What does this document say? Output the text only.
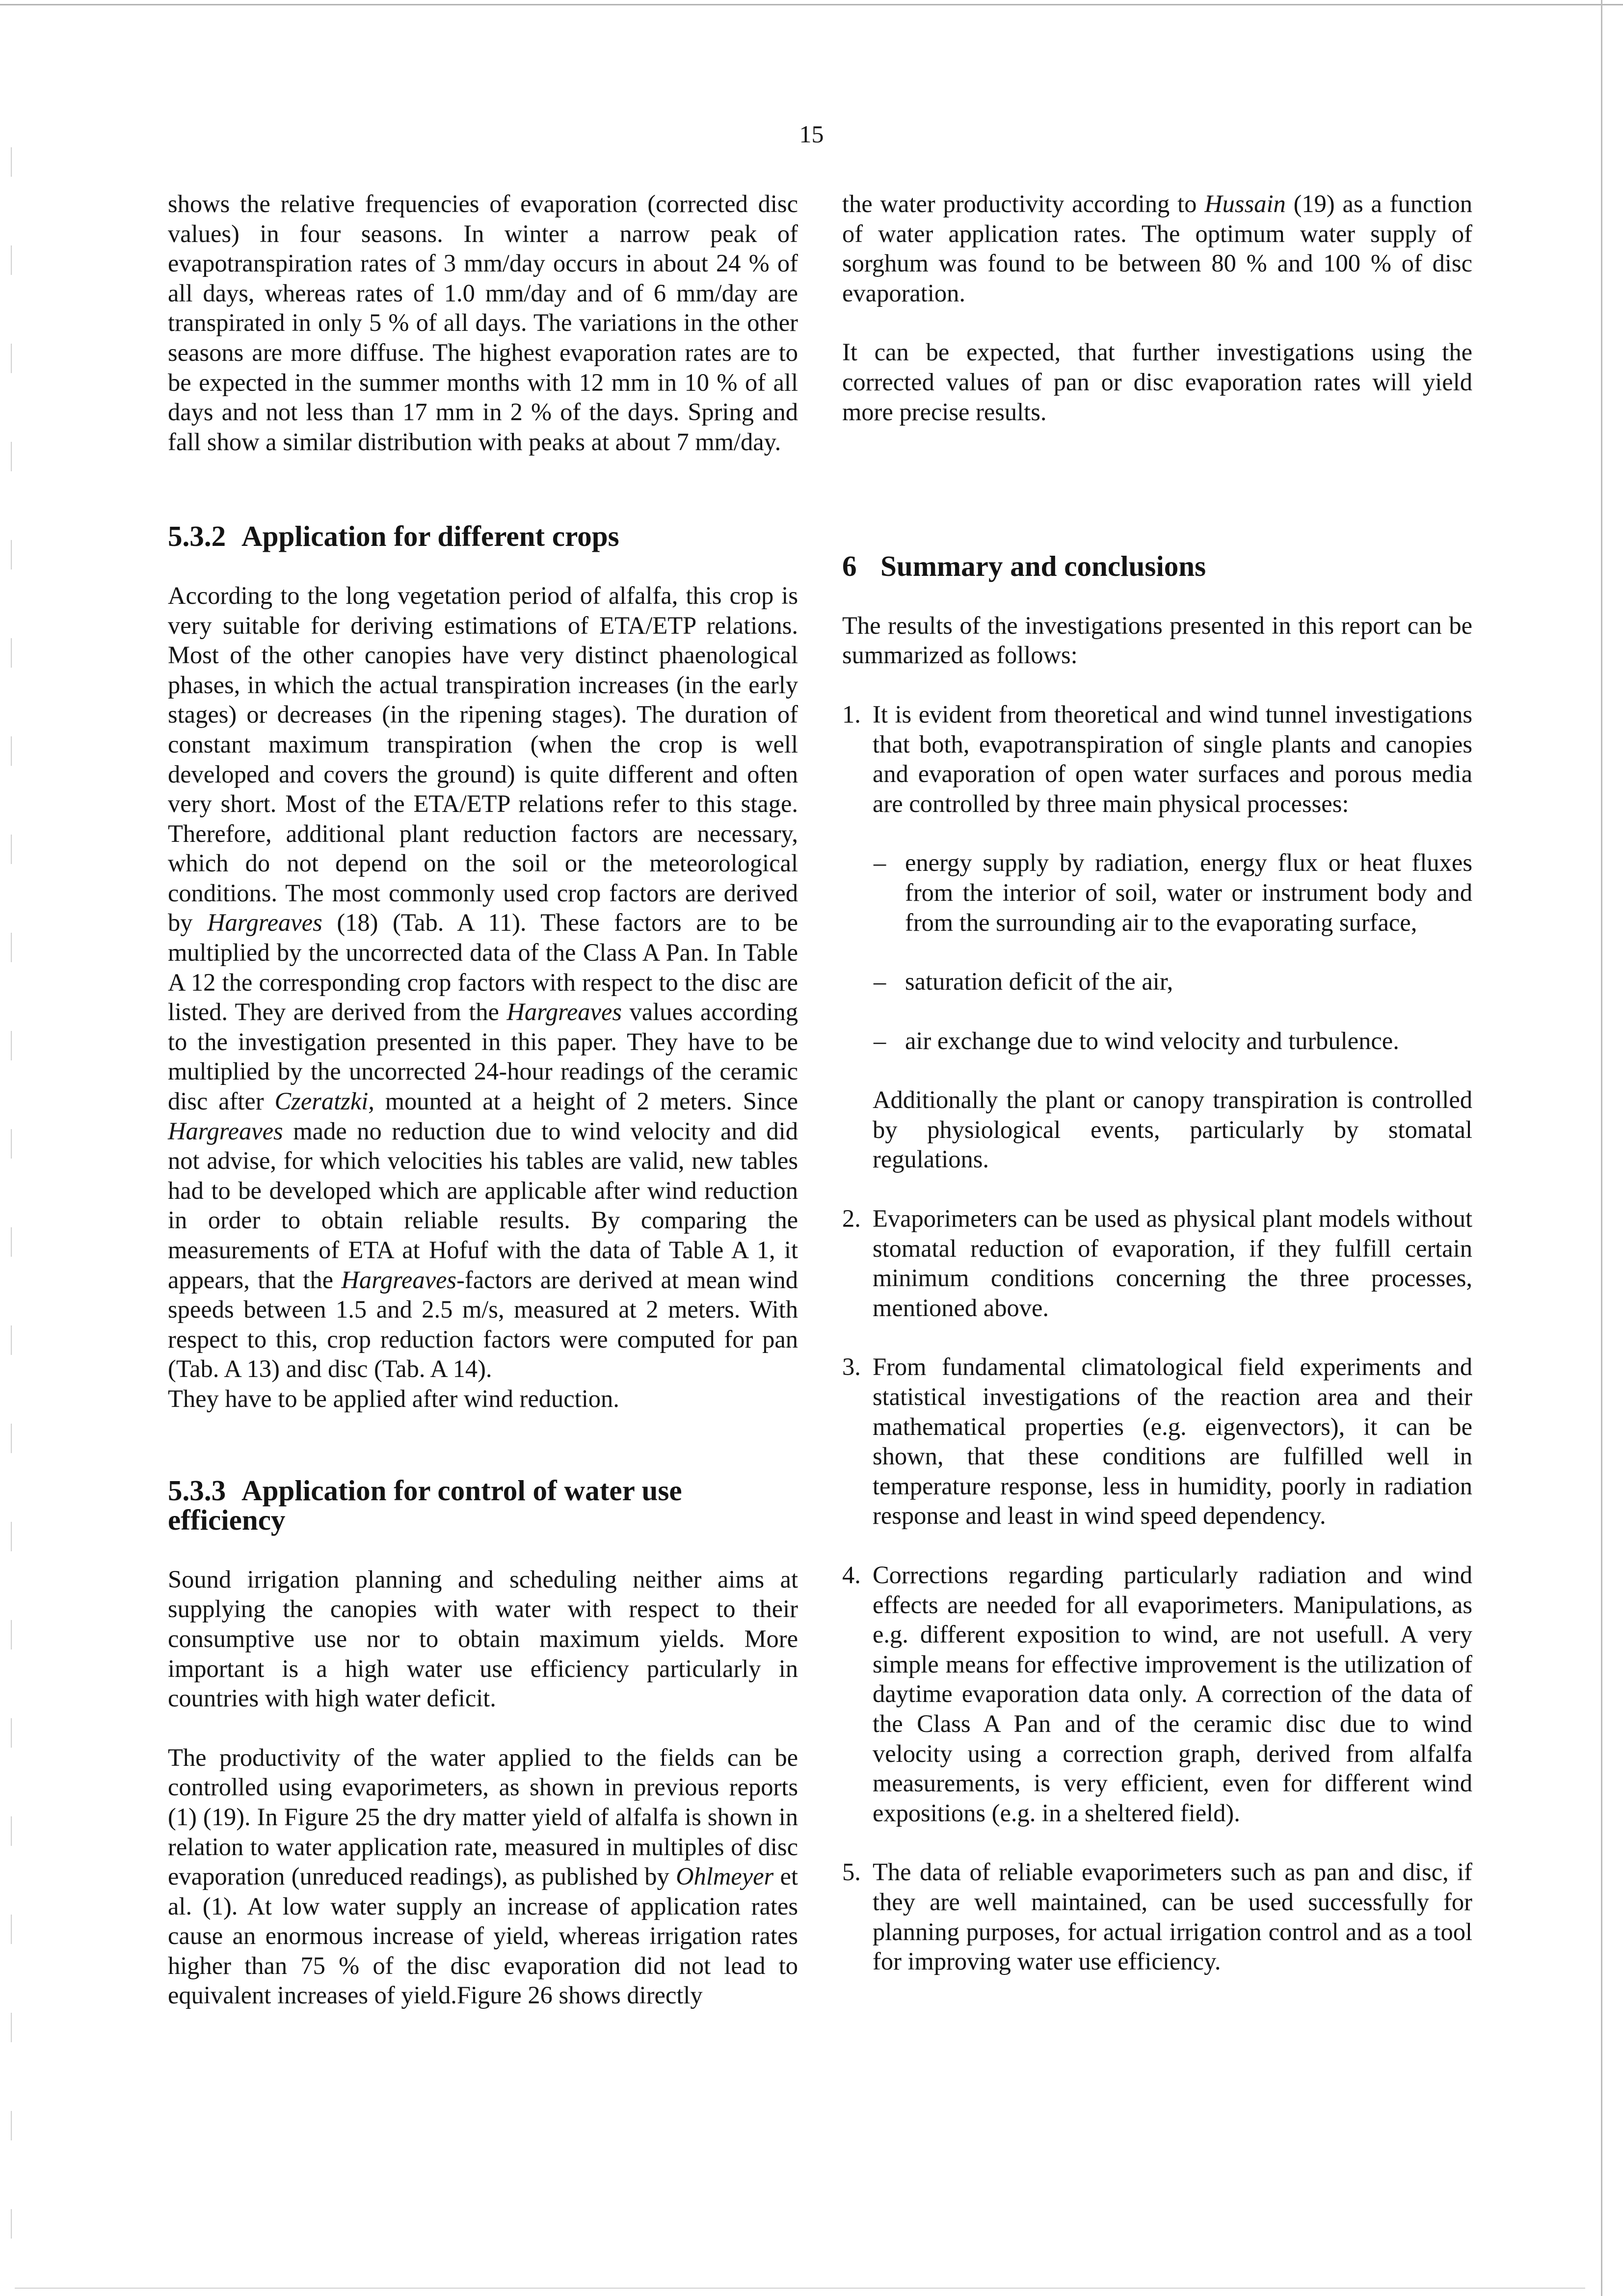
15

shows the relative frequencies of evaporation (corrected disc values) in four seasons. In winter a narrow peak of evapotranspiration rates of 3 mm/day occurs in about 24 % of all days, whereas rates of 1.0 mm/day and of 6 mm/day are transpirated in only 5 % of all days. The variations in the other seasons are more diffuse. The highest evaporation rates are to be expected in the summer months with 12 mm in 10 % of all days and not less than 17 mm in 2 % of the days. Spring and fall show a similar distribution with peaks at about 7 mm/day.

5.3.2 Application for different crops

According to the long vegetation period of alfalfa, this crop is very suitable for deriving estimations of ETA/ETP relations. Most of the other canopies have very distinct phaenological phases, in which the actual transpiration increases (in the early stages) or decreases (in the ripening stages). The duration of constant maximum transpiration (when the crop is well developed and covers the ground) is quite different and often very short. Most of the ETA/ETP relations refer to this stage. Therefore, additional plant reduction factors are necessary, which do not depend on the soil or the meteorological conditions. The most commonly used crop factors are derived by Hargreaves (18) (Tab. A 11). These factors are to be multiplied by the uncorrected data of the Class A Pan. In Table A 12 the corresponding crop factors with respect to the disc are listed. They are derived from the Hargreaves values according to the investigation presented in this paper. They have to be multiplied by the uncorrected 24-hour readings of the ceramic disc after Czeratzki, mounted at a height of 2 meters. Since Hargreaves made no reduction due to wind velocity and did not advise, for which velocities his tables are valid, new tables had to be developed which are applicable after wind reduction in order to obtain reliable results. By comparing the measurements of ETA at Hofuf with the data of Table A 1, it appears, that the Hargreaves-factors are derived at mean wind speeds between 1.5 and 2.5 m/s, measured at 2 meters. With respect to this, crop reduction factors were computed for pan (Tab. A 13) and disc (Tab. A 14).

They have to be applied after wind reduction.

5.3.3 Application for control of water use efficiency

Sound irrigation planning and scheduling neither aims at supplying the canopies with water with respect to their consumptive use nor to obtain maximum yields. More important is a high water use efficiency particularly in countries with high water deficit.

The productivity of the water applied to the fields can be controlled using evaporimeters, as shown in previous reports (1) (19). In Figure 25 the dry matter yield of alfalfa is shown in relation to water application rate, measured in multiples of disc evaporation (unreduced readings), as published by Ohlmeyer et al. (1). At low water supply an increase of application rates cause an enormous increase of yield, whereas irrigation rates higher than 75 % of the disc evaporation did not lead to equivalent increases of yield.Figure 26 shows directly

the water productivity according to Hussain (19) as a function of water application rates. The optimum water supply of sorghum was found to be between 80 % and 100 % of disc evaporation.

It can be expected, that further investigations using the corrected values of pan or disc evaporation rates will yield more precise results.

6 Summary and conclusions

The results of the investigations presented in this report can be summarized as follows:

1. It is evident from theoretical and wind tunnel investigations that both, evapotranspiration of single plants and canopies and evaporation of open water surfaces and porous media are controlled by three main physical processes:
– energy supply by radiation, energy flux or heat fluxes from the interior of soil, water or instrument body and from the surrounding air to the evaporating surface,
– saturation deficit of the air,
– air exchange due to wind velocity and turbulence.
Additionally the plant or canopy transpiration is controlled by physiological events, particularly by stomatal regulations.
2. Evaporimeters can be used as physical plant models without stomatal reduction of evaporation, if they fulfill certain minimum conditions concerning the three processes, mentioned above.
3. From fundamental climatological field experiments and statistical investigations of the reaction area and their mathematical properties (e.g. eigenvectors), it can be shown, that these conditions are fulfilled well in temperature response, less in humidity, poorly in radiation response and least in wind speed dependency.
4. Corrections regarding particularly radiation and wind effects are needed for all evaporimeters. Manipulations, as e.g. different exposition to wind, are not usefull. A very simple means for effective improvement is the utilization of daytime evaporation data only. A correction of the data of the Class A Pan and of the ceramic disc due to wind velocity using a correction graph, derived from alfalfa measurements, is very efficient, even for different wind expositions (e.g. in a sheltered field).
5. The data of reliable evaporimeters such as pan and disc, if they are well maintained, can be used successfully for planning purposes, for actual irrigation control and as a tool for improving water use efficiency.
